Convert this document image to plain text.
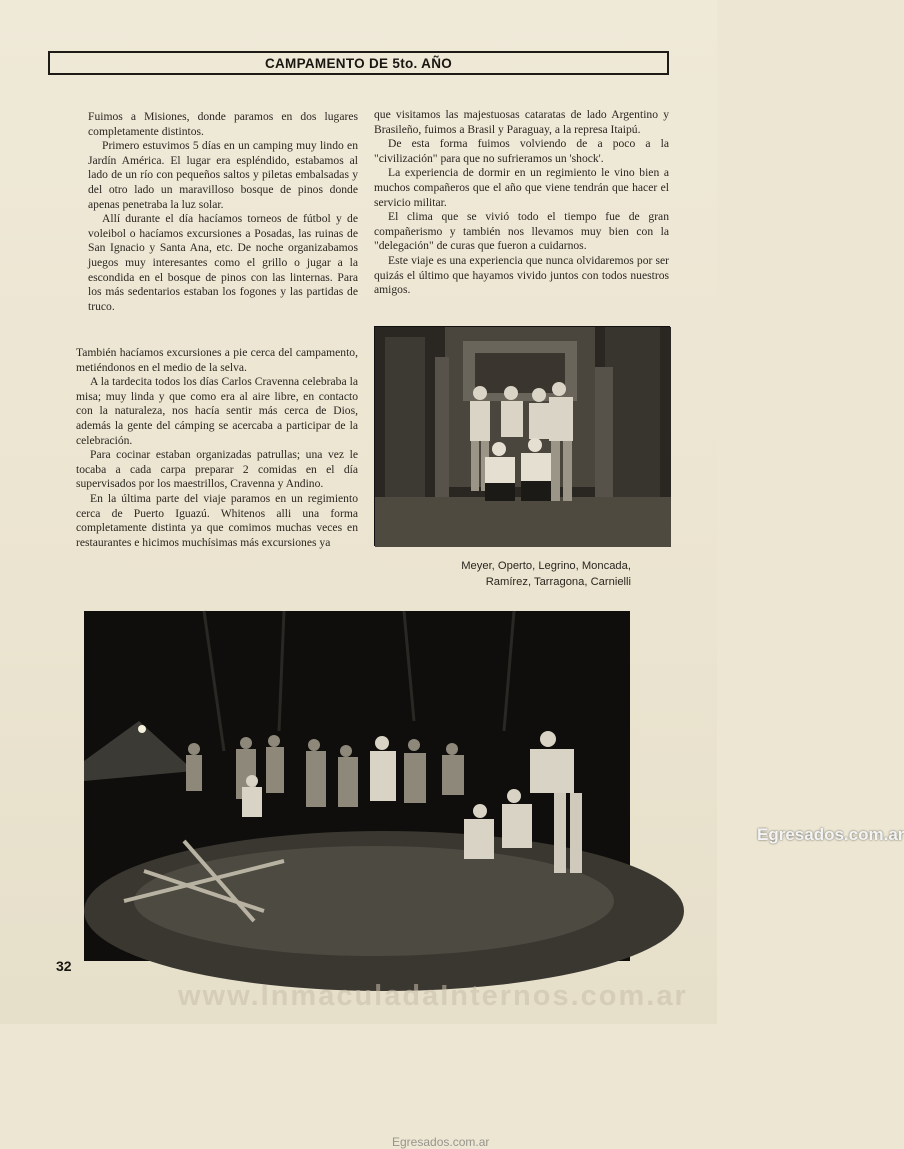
CAMPAMENTO DE 5to. AÑO

Fuimos a Misiones, donde paramos en dos lugares completamente distintos.

Primero estuvimos 5 días en un camping muy lindo en Jardín América. El lugar era espléndido, estabamos al lado de un río con pequeños saltos y piletas embalsadas y del otro lado un maravilloso bosque de pinos donde apenas penetraba la luz solar.

Allí durante el día hacíamos torneos de fútbol y de voleibol o hacíamos excursiones a Posadas, las ruinas de San Ignacio y Santa Ana, etc. De noche organizabamos juegos muy interesantes como el grillo o jugar a la escondida en el bosque de pinos con las linternas. Para los más sedentarios estaban los fogones y las partidas de truco.

También hacíamos excursiones a pie cerca del campamento, metiéndonos en el medio de la selva.

A la tardecita todos los días Carlos Cravenna celebraba la misa; muy linda y que como era al aire libre, en contacto con la naturaleza, nos hacía sentir más cerca de Dios, además la gente del cámping se acercaba a participar de la celebración.

Para cocinar estaban organizadas patrullas; una vez le tocaba a cada carpa preparar 2 comidas en el día supervisados por los maestrillos, Cravenna y Andino.

En la última parte del viaje paramos en un regimiento cerca de Puerto Iguazú. Whitenos alli una forma completamente distinta ya que comimos muchas veces en restaurantes e hicimos muchísimas más excursiones ya

que visitamos las majestuosas cataratas de lado Argentino y Brasileño, fuimos a Brasil y Paraguay, a la represa Itaipú.

De esta forma fuimos volviendo de a poco a la "civilización" para que no sufrieramos un 'shock'.

La experiencia de dormir en un regimiento le vino bien a muchos compañeros que el año que viene tendrán que hacer el servicio militar.

El clima que se vivió todo el tiempo fue de gran compañerismo y también nos llevamos muy bien con la "delegación" de curas que fueron a cuidarnos.

Este viaje es una experiencia que nunca olvidaremos por ser quizás el último que hayamos vivido juntos con todos nuestros amigos.

Egresados.com.ar
Meyer, Operto, Legrino, Moncada,
Ramírez, Tarragona, Carnielli
Egresados.com.ar
32
www.InmaculadaInternos.com.ar
